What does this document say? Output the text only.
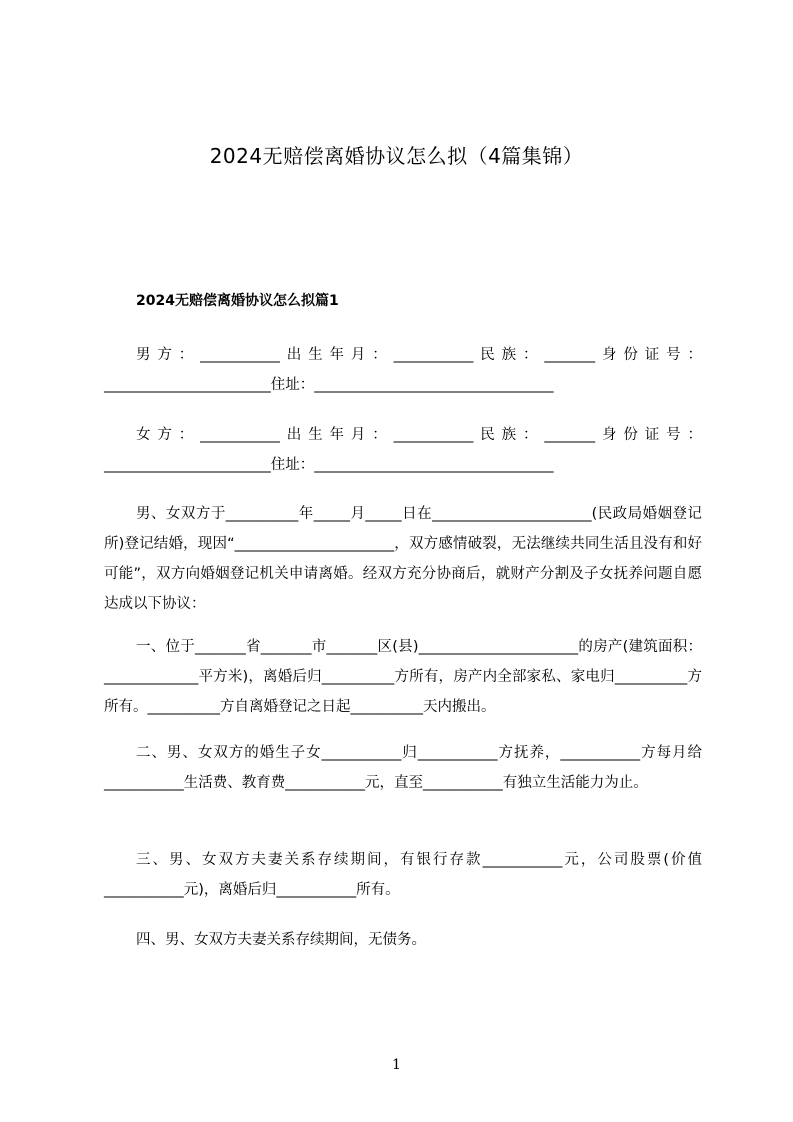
2024无赔偿离婚协议怎么拟（4篇集锦）
2024无赔偿离婚协议怎么拟篇1

男方：___________出生年月：___________民族：_______身份证号：_______________________住址：_________________________________

女方：___________出生年月：___________民族：_______身份证号：_______________________住址：_________________________________

男、女双方于__________年_____月_____日在______________________(民政局婚姻登记所)登记结婚，现因“______________________，双方感情破裂，无法继续共同生活且没有和好可能”，双方向婚姻登记机关申请离婚。经双方充分协商后，就财产分割及子女抚养问题自愿达成以下协议：

一、位于_______省_______市_______区(县)______________________的房产(建筑面积：_____________平方米)，离婚后归__________方所有，房产内全部家私、家电归__________方所有。__________方自离婚登记之日起__________天内搬出。

二、男、女双方的婚生子女___________归___________方抚养，___________方每月给___________生活费、教育费___________元，直至___________有独立生活能力为止。

三、男、女双方夫妻关系存续期间，有银行存款___________元，公司股票(价值___________元)，离婚后归___________所有。

四、男、女双方夫妻关系存续期间，无债务。

1
